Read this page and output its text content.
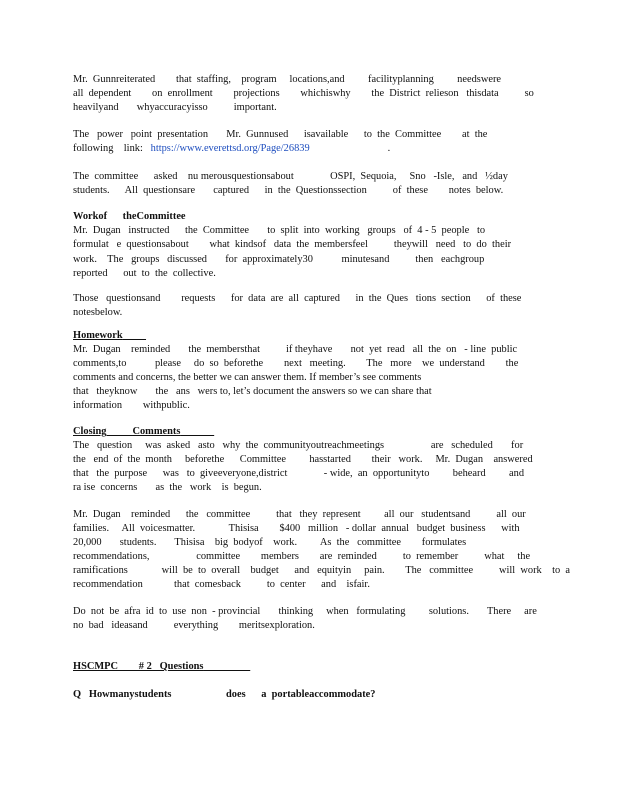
Mr.  Gunnreiterated        that  staffing,    program     locations,and         facilityplanning         needswere
all  dependent        on  enrollment        projections        whichiswhy        the  District  relieson   thisdata          so
heavilyand       whyaccuracyisso          important.
The   power   point  presentation       Mr.  Gunnused      isavailable      to  the  Committee        at  the
following    link:   https://www.everettsd.org/Page/26839                              .
The  committee      asked    nu merousquestionsabout              OSPI,  Sequoia,     Sno   -Isle,   and   ½day
students.      All  questionsare       captured      in  the  Questionssection          of  these        notes  below.
Workof theCommittee
Mr.  Dugan   instructed      the  Committee       to  split  into  working   groups   of  4 - 5  people   to
formulat   e  questionsabout        what  kindsof   data  the  membersfeel          theywill   need   to  do  their
work.    The   groups   discussed       for  approximately30           minutesand          then   eachgroup
reported      out  to  the  collective.
Those   questionsand        requests      for  data  are  all  captured      in  the  Ques   tions  section      of  these
notesbelow.
Homework
Mr.  Dugan    reminded       the  membersthat          if theyhave       not  yet  read   all  the  on   - line  public
comments,to           please     do  so  beforethe        next   meeting.        The   more    we  understand        the
comments and concerns, the better we can answer them. If member’s see comments
that   theyknow       the   ans   wers to, let’s document the answers so we can share that
information        withpublic.
Closing Comments
The   question     was  asked   asto   why  the  communityoutreachmeetings                  are   scheduled       for
the   end  of  the  month     beforethe      Committee         hasstarted        their   work.     Mr.  Dugan    answered
that   the  purpose      was   to  giveeveryone,district              - wide,  an  opportunityto         beheard         and
ra ise  concerns       as  the   work    is  begun.
Mr.  Dugan    reminded      the   committee          that   they  represent         all  our   studentsand          all  our
families.     All  voicesmatter.             Thisisa        $400   million   - dollar  annual   budget  business      with
20,000       students.       Thisisa    big  bodyof    work.         As  the   committee        formulates
recommendations,                  committee        members        are  reminded          to  remember          what     the
ramifications             will  be  to  overall    budget      and   equityin     pain.        The   committee          will  work    to  a
recommendation            that  comesback          to  center      and    isfair.
Do  not  be  afra  id  to  use  non  - provincial       thinking     when   formulating         solutions.       There     are
no  bad   ideasand          everything        meritsexploration.
HSCMPC        # 2   Questions
Q Howmanystudents                     does      a  portableaccommodate?
